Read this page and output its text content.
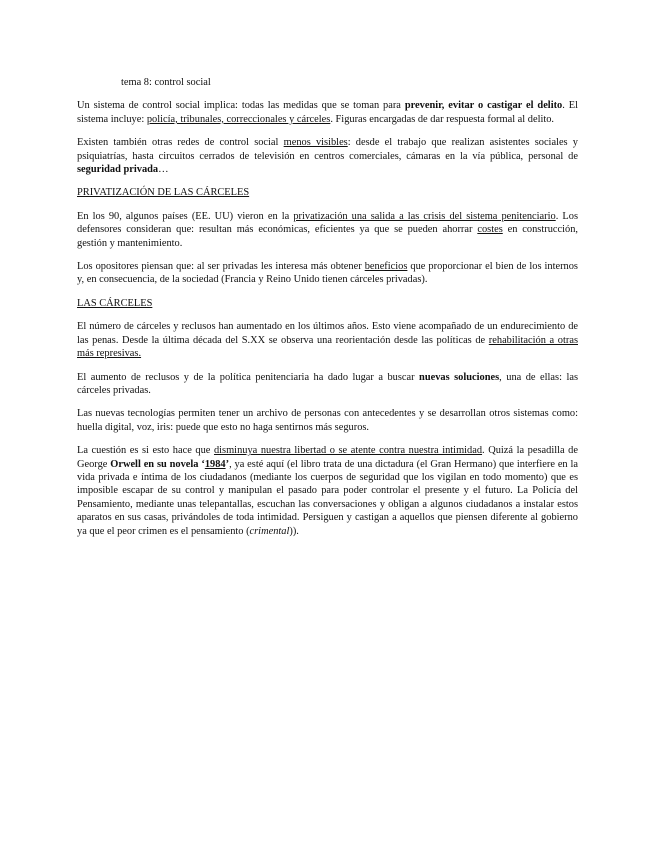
tema 8: control social

Un sistema de control social implica: todas las medidas que se toman para prevenir, evitar o castigar el delito. El sistema incluye: policía, tribunales, correccionales y cárceles. Figuras encargadas de dar respuesta formal al delito.

Existen también otras redes de control social menos visibles: desde el trabajo que realizan asistentes sociales y psiquiatrías, hasta circuitos cerrados de televisión en centros comerciales, cámaras en la vía pública, personal de seguridad privada…

PRIVATIZACIÓN DE LAS CÁRCELES

En los 90, algunos países (EE. UU) vieron en la privatización una salida a las crisis del sistema penitenciario. Los defensores consideran que: resultan más económicas, eficientes ya que se pueden ahorrar costes en construcción, gestión y mantenimiento.

Los opositores piensan que: al ser privadas les interesa más obtener beneficios que proporcionar el bien de los internos y, en consecuencia, de la sociedad (Francia y Reino Unido tienen cárceles privadas).

LAS CÁRCELES

El número de cárceles y reclusos han aumentado en los últimos años. Esto viene acompañado de un endurecimiento de las penas. Desde la última década del S.XX se observa una reorientación desde las políticas de rehabilitación a otras más represivas.

El aumento de reclusos y de la política penitenciaria ha dado lugar a buscar nuevas soluciones, una de ellas: las cárceles privadas.

Las nuevas tecnologías permiten tener un archivo de personas con antecedentes y se desarrollan otros sistemas como: huella digital, voz, iris: puede que esto no haga sentirnos más seguros.

La cuestión es si esto hace que disminuya nuestra libertad o se atente contra nuestra intimidad. Quizá la pesadilla de George Orwell en su novela ‘1984’, ya esté aquí (el libro trata de una dictadura (el Gran Hermano) que interfiere en la vida privada e íntima de los ciudadanos (mediante los cuerpos de seguridad que los vigilan en todo momento) que es imposible escapar de su control y manipulan el pasado para poder controlar el presente y el futuro. La Policía del Pensamiento, mediante unas telepantallas, escuchan las conversaciones y obligan a algunos ciudadanos a instalar estos aparatos en sus casas, privándoles de toda intimidad. Persiguen y castigan a aquellos que piensen diferente al gobierno ya que el peor crimen es el pensamiento (crimental)).
